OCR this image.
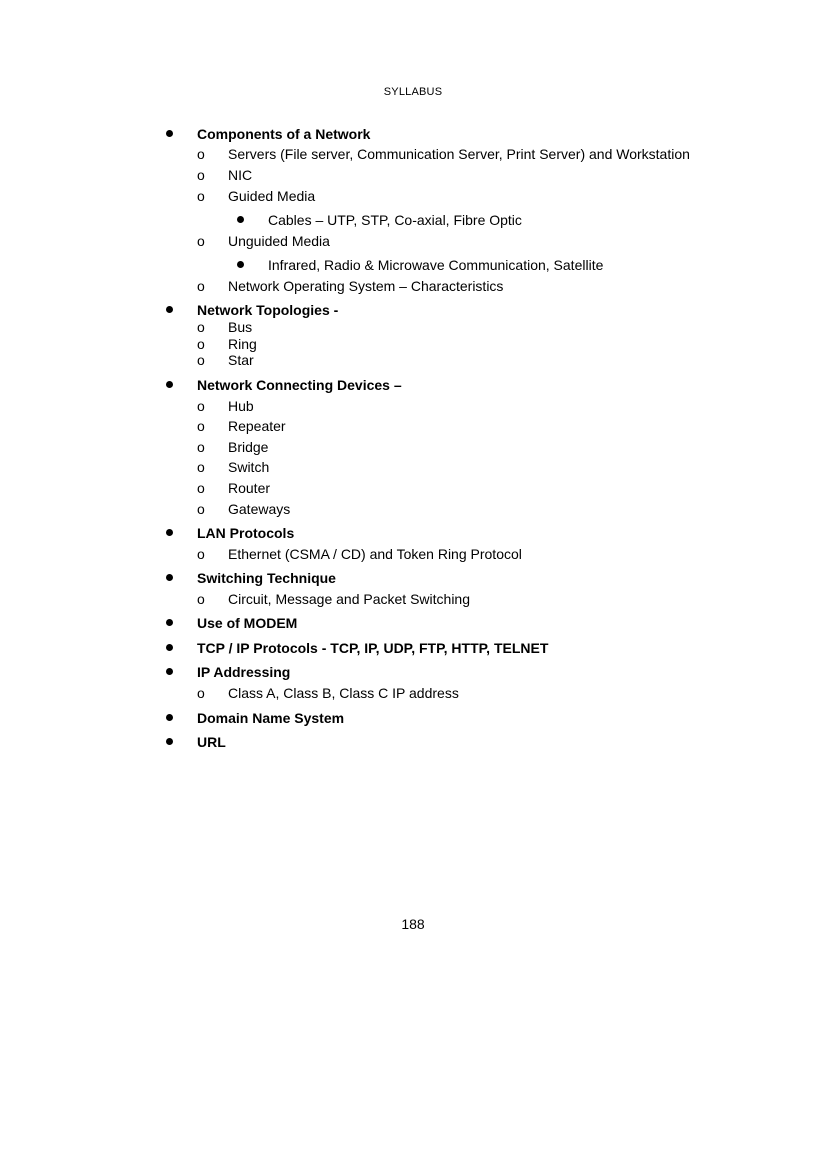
SYLLABUS
Components of a Network
o Servers (File server, Communication Server, Print Server) and Workstation
o NIC
o Guided Media
Cables – UTP, STP, Co-axial, Fibre Optic
o Unguided Media
Infrared, Radio & Microwave Communication, Satellite
o Network Operating System – Characteristics
Network Topologies -
o Bus
o Ring
o Star
Network Connecting Devices –
o Hub
o Repeater
o Bridge
o Switch
o Router
o Gateways
LAN Protocols
o Ethernet (CSMA / CD) and Token Ring Protocol
Switching Technique
o Circuit, Message and Packet Switching
Use of MODEM
TCP / IP Protocols - TCP, IP, UDP, FTP, HTTP, TELNET
IP Addressing
o Class A, Class B, Class C IP address
Domain Name System
URL
188
